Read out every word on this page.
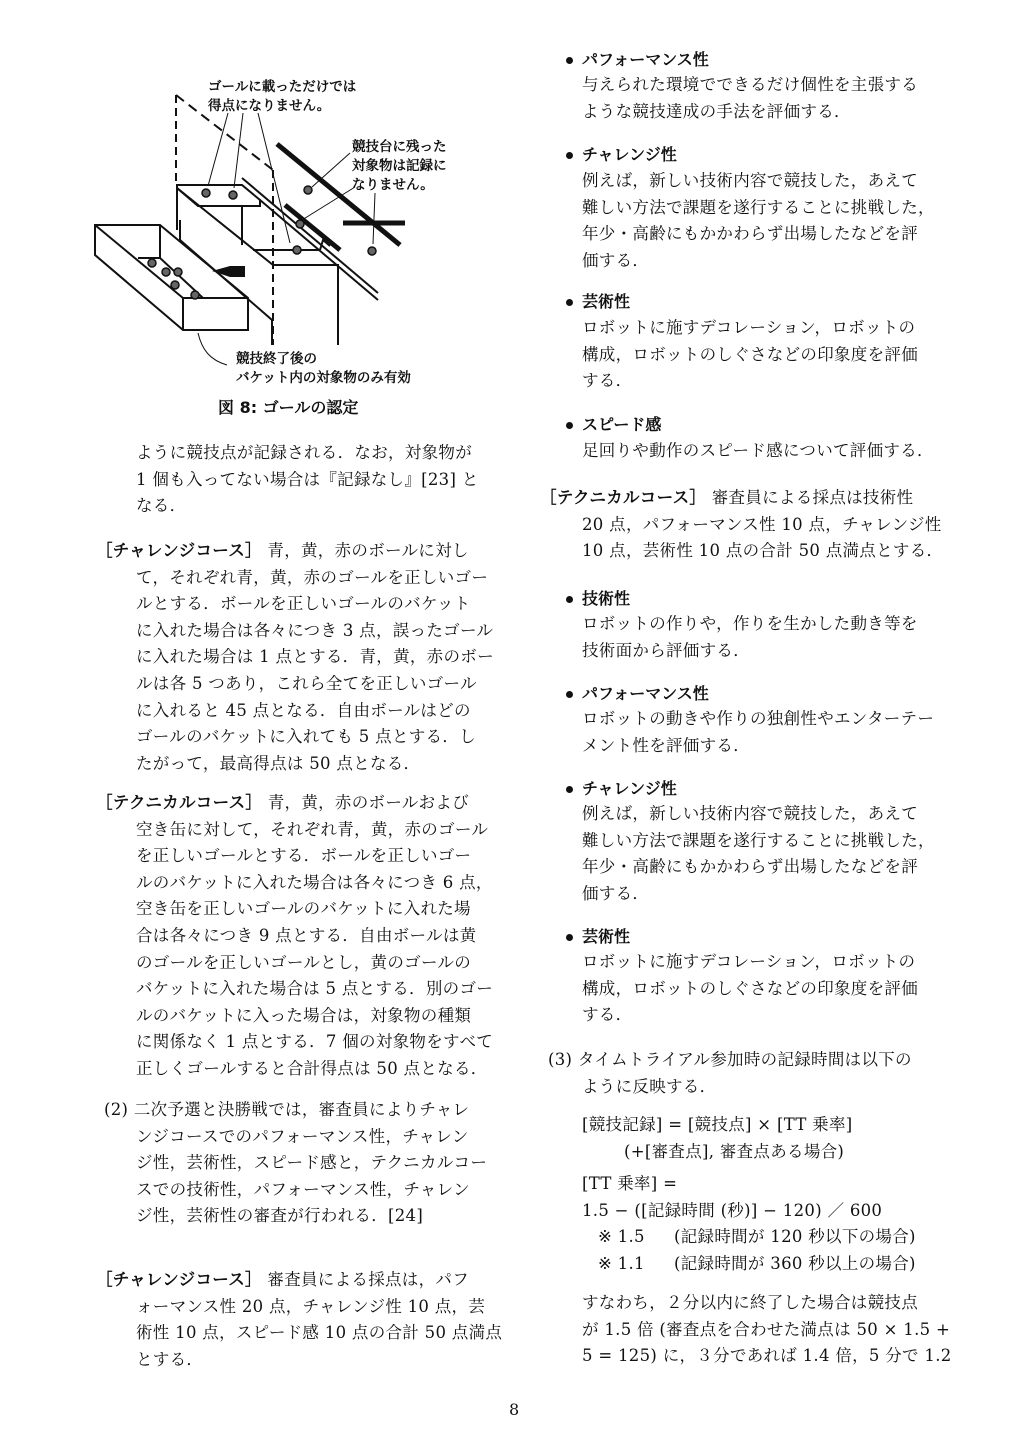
ゴールに載っただけでは
得点になりません。
競技台に残った
対象物は記録に
なりません。
競技終了後の
バケット内の対象物のみ有効
図 8: ゴールの認定
ように競技点が記録される．なお，対象物が
1 個も入ってない場合は『記録なし』[23] と
なる．
［チャレンジコース］ 青，黄，赤のボールに対し
て，それぞれ青，黄，赤のゴールを正しいゴー
ルとする．ボールを正しいゴールのバケット
に入れた場合は各々につき 3 点，誤ったゴール
に入れた場合は 1 点とする．青，黄，赤のボー
ルは各 5 つあり，これら全てを正しいゴール
に入れると 45 点となる．自由ボールはどの
ゴールのバケットに入れても 5 点とする．し
たがって，最高得点は 50 点となる．
［テクニカルコース］ 青，黄，赤のボールおよび
空き缶に対して，それぞれ青，黄，赤のゴール
を正しいゴールとする．ボールを正しいゴー
ルのバケットに入れた場合は各々につき 6 点，
空き缶を正しいゴールのバケットに入れた場
合は各々につき 9 点とする．自由ボールは黄
のゴールを正しいゴールとし，黄のゴールの
バケットに入れた場合は 5 点とする．別のゴー
ルのバケットに入った場合は，対象物の種類
に関係なく 1 点とする．7 個の対象物をすべて
正しくゴールすると合計得点は 50 点となる．
(2) 二次予選と決勝戦では，審査員によりチャレ
ンジコースでのパフォーマンス性，チャレン
ジ性，芸術性，スピード感と，テクニカルコー
スでの技術性，パフォーマンス性，チャレン
ジ性，芸術性の審査が行われる．[24]
［チャレンジコース］ 審査員による採点は，パフ
ォーマンス性 20 点，チャレンジ性 10 点，芸
術性 10 点，スピード感 10 点の合計 50 点満点
とする．
パフォーマンス性
与えられた環境でできるだけ個性を主張する
ような競技達成の手法を評価する．
チャレンジ性
例えば，新しい技術内容で競技した，あえて
難しい方法で課題を遂行することに挑戦した，
年少・高齢にもかかわらず出場したなどを評
価する．
芸術性
ロボットに施すデコレーション，ロボットの
構成，ロボットのしぐさなどの印象度を評価
する．
スピード感
足回りや動作のスピード感について評価する．
［テクニカルコース］ 審査員による採点は技術性
20 点，パフォーマンス性 10 点，チャレンジ性
10 点，芸術性 10 点の合計 50 点満点とする．
技術性
ロボットの作りや，作りを生かした動き等を
技術面から評価する．
パフォーマンス性
ロボットの動きや作りの独創性やエンターテー
メント性を評価する．
チャレンジ性
例えば，新しい技術内容で競技した，あえて
難しい方法で課題を遂行することに挑戦した，
年少・高齢にもかかわらず出場したなどを評
価する．
芸術性
ロボットに施すデコレーション，ロボットの
構成，ロボットのしぐさなどの印象度を評価
する．
(3) タイムトライアル参加時の記録時間は以下の
ように反映する．
[競技記録] = [競技点] × [TT 乗率]
(+[審査点], 審査点ある場合)
[TT 乗率] =
1.5 − ([記録時間 (秒)] − 120) ／ 600
※ 1.5 (記録時間が 120 秒以下の場合)
※ 1.1 (記録時間が 360 秒以上の場合)
すなわち，２分以内に終了した場合は競技点
が 1.5 倍 (審査点を合わせた満点は 50 × 1.5 +
5 = 125) に，３分であれば 1.4 倍，5 分で 1.2
8
